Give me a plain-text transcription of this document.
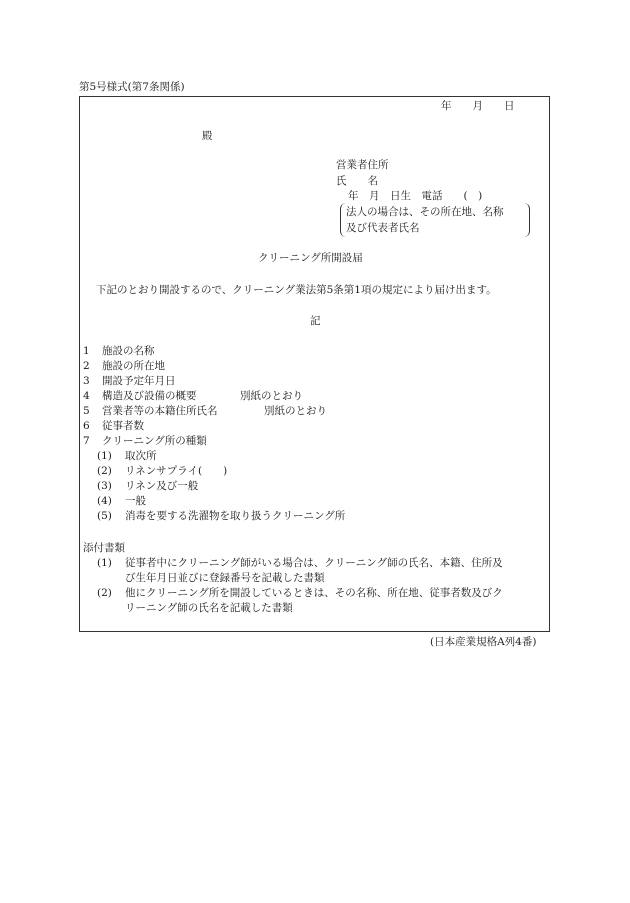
第5号様式(第7条関係)
年　　月　　日
殿
営業者住所
氏　　名
年　月　日生　電話　　(　)
法人の場合は、その所在地、名称
及び代表者氏名
クリーニング所開設届
下記のとおり開設するので、クリーニング業法第5条第1項の規定により届け出ます。
記
1 施設の名称
2 施設の所在地
3 開設予定年月日
4 構造及び設備の概要	別紙のとおり
5 営業者等の本籍住所氏名	別紙のとおり
6 従事者数
7 クリーニング所の種類
(1) 取次所
(2) リネンサプライ(　　)
(3) リネン及び一般
(4) 一般
(5) 消毒を要する洗濯物を取り扱うクリーニング所
添付書類
(1) 従事者中にクリーニング師がいる場合は、クリーニング師の氏名、本籍、住所及
び生年月日並びに登録番号を記載した書類
(2) 他にクリーニング所を開設しているときは、その名称、所在地、従事者数及びク
リーニング師の氏名を記載した書類
(日本産業規格A列4番)
